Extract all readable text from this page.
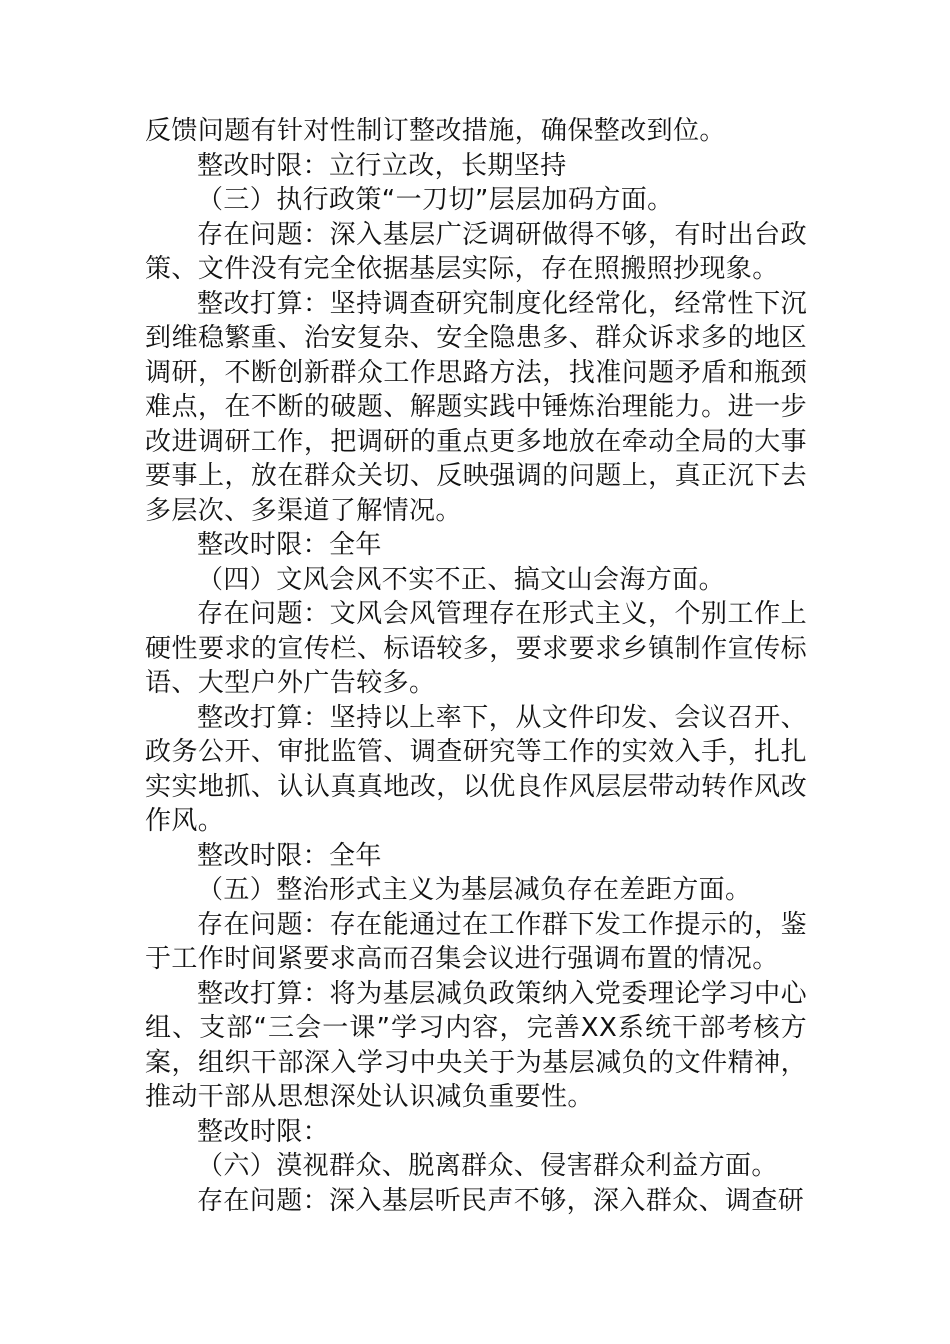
反馈问题有针对性制订整改措施，确保整改到位。

整改时限：立行立改，长期坚持

（三）执行政策“一刀切”层层加码方面。

存在问题：深入基层广泛调研做得不够，有时出台政策、文件没有完全依据基层实际，存在照搬照抄现象。

整改打算：坚持调查研究制度化经常化，经常性下沉到维稳繁重、治安复杂、安全隐患多、群众诉求多的地区调研，不断创新群众工作思路方法，找准问题矛盾和瓶颈难点，在不断的破题、解题实践中锤炼治理能力。进一步改进调研工作，把调研的重点更多地放在牵动全局的大事要事上，放在群众关切、反映强调的问题上，真正沉下去多层次、多渠道了解情况。

整改时限：全年

（四）文风会风不实不正、搞文山会海方面。

存在问题：文风会风管理存在形式主义，个别工作上硬性要求的宣传栏、标语较多，要求要求乡镇制作宣传标语、大型户外广告较多。

整改打算：坚持以上率下，从文件印发、会议召开、政务公开、审批监管、调查研究等工作的实效入手，扎扎实实地抓、认认真真地改，以优良作风层层带动转作风改作风。

整改时限：全年

（五）整治形式主义为基层减负存在差距方面。

存在问题：存在能通过在工作群下发工作提示的，鉴于工作时间紧要求高而召集会议进行强调布置的情况。

整改打算：将为基层减负政策纳入党委理论学习中心组、支部“三会一课”学习内容，完善XX系统干部考核方案，组织干部深入学习中央关于为基层减负的文件精神，推动干部从思想深处认识减负重要性。

整改时限：

（六）漠视群众、脱离群众、侵害群众利益方面。

存在问题：深入基层听民声不够，深入群众、调查研
